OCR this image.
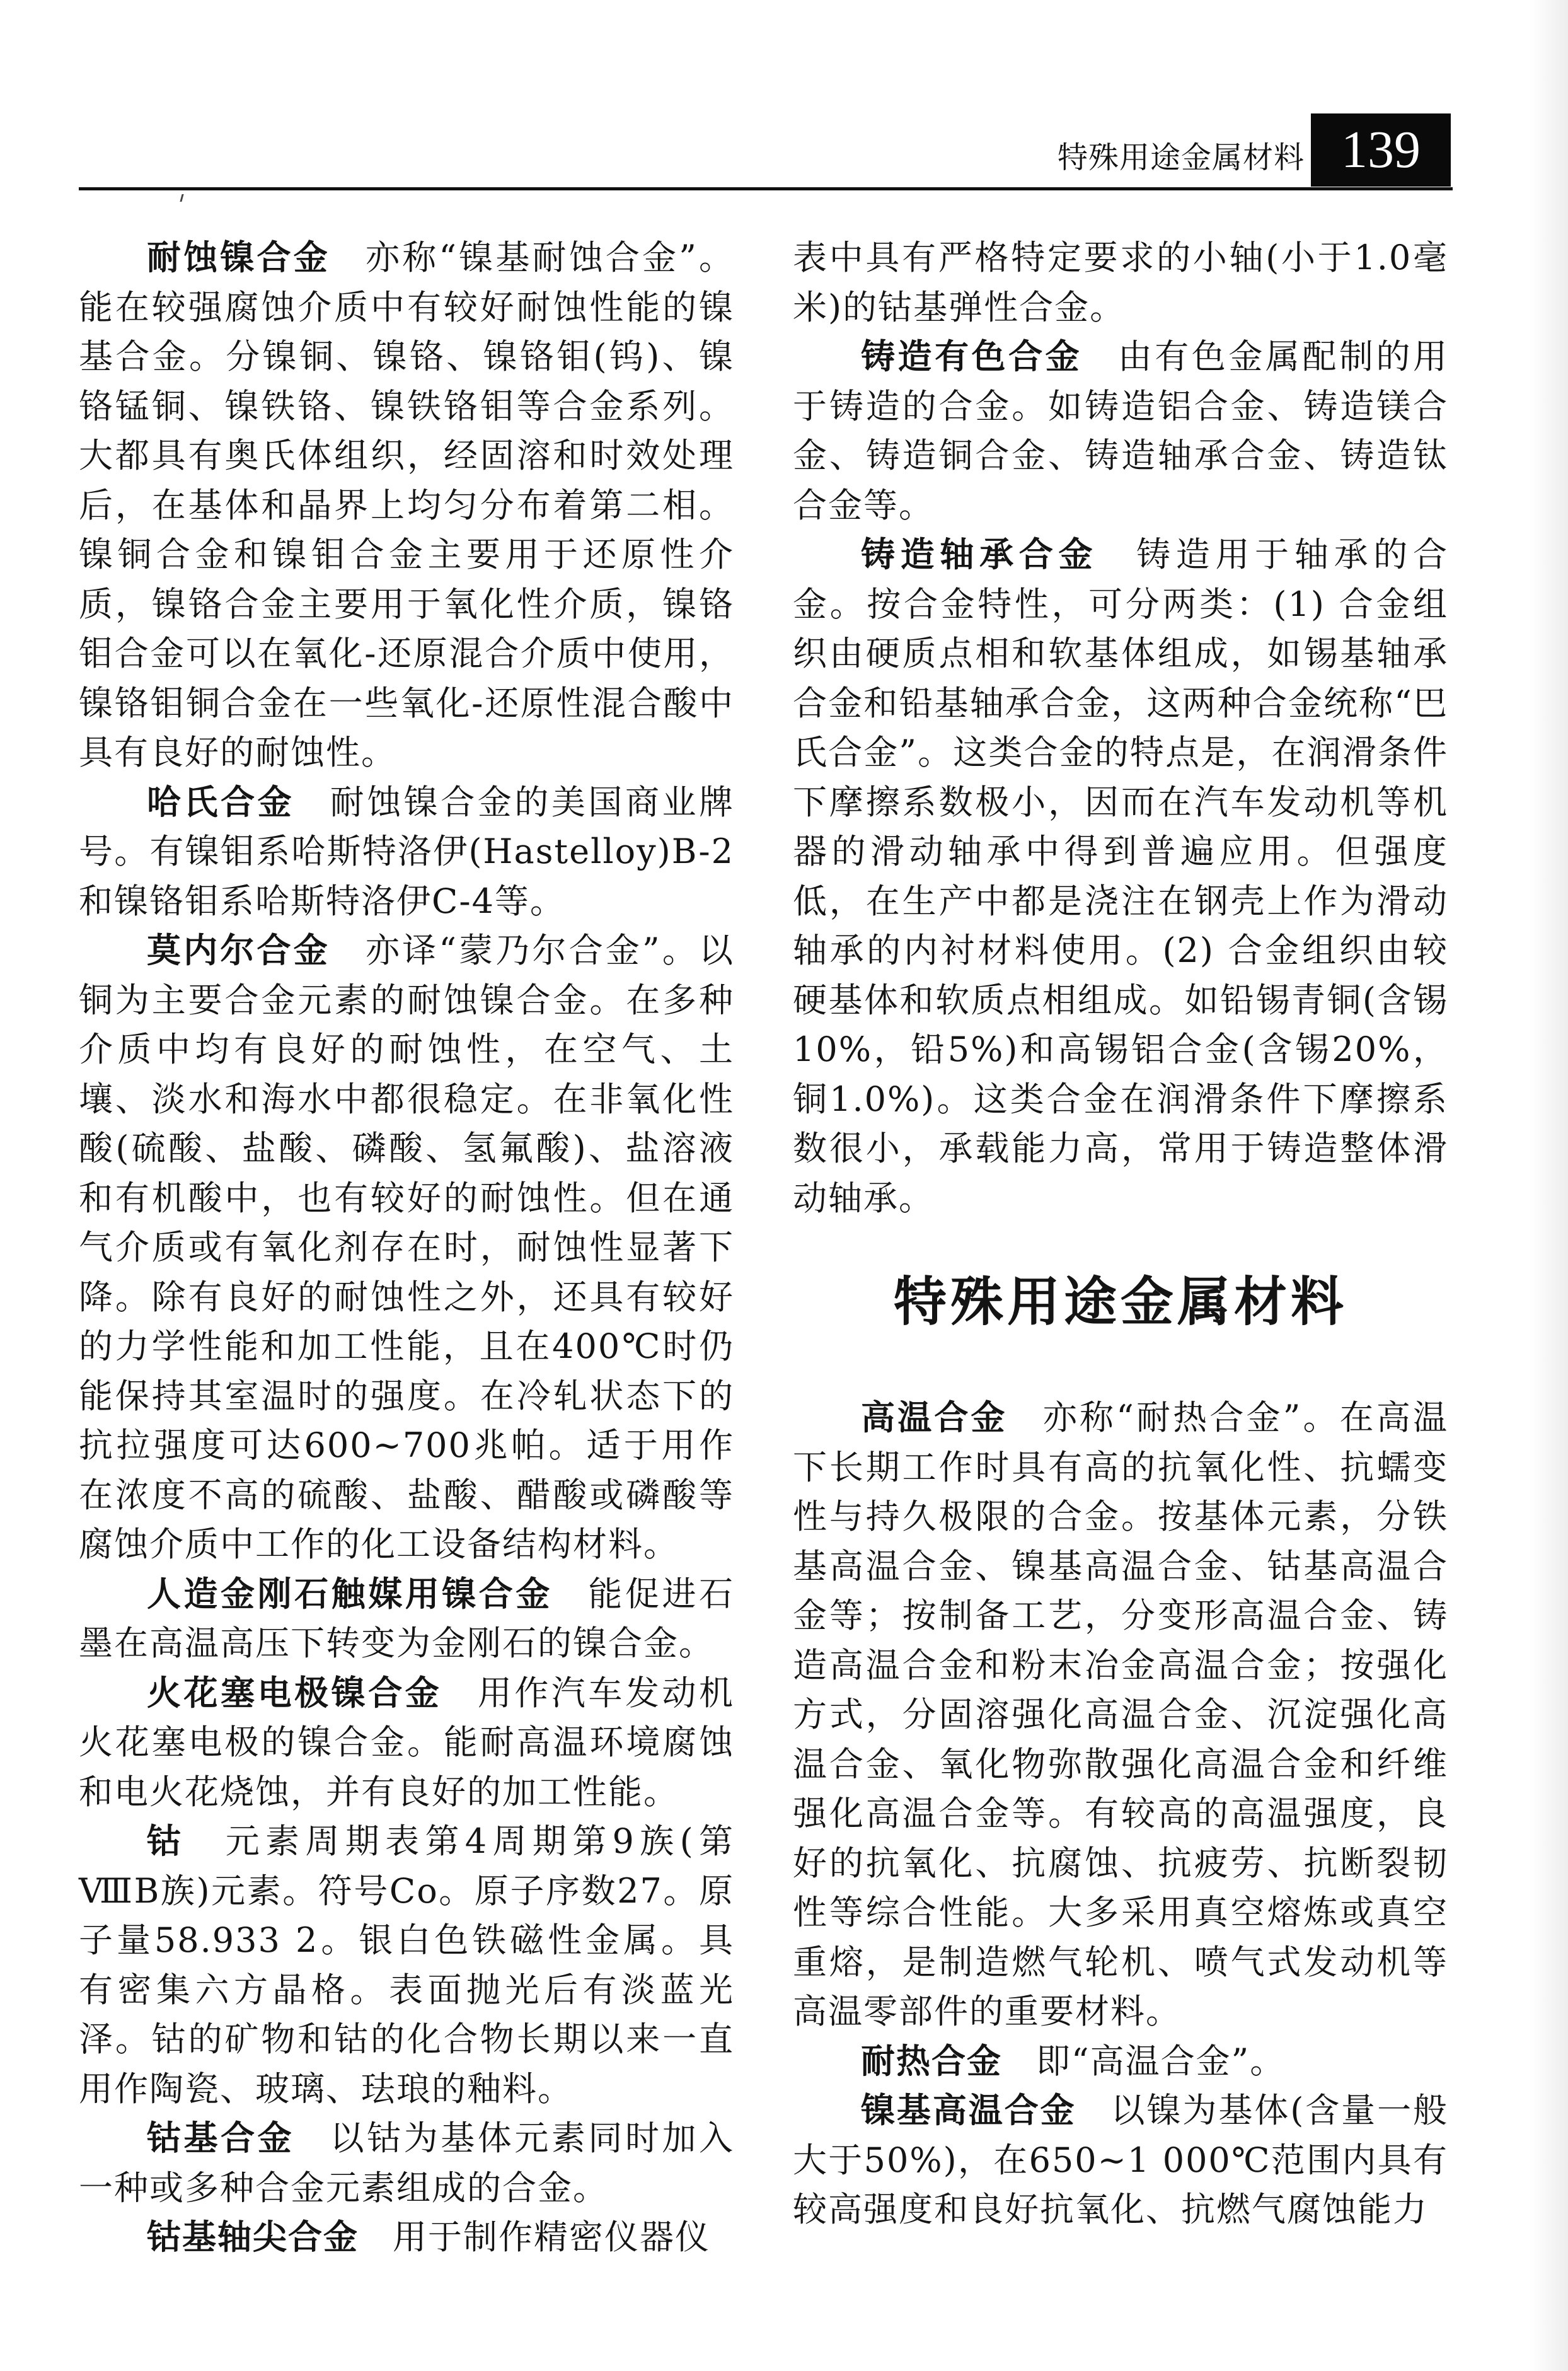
特殊用途金属材料 139

耐蚀镍合金 亦称“镍基耐蚀合金”。能在较强腐蚀介质中有较好耐蚀性能的镍基合金。分镍铜、镍铬、镍铬钼(钨)、镍铬锰铜、镍铁铬、镍铁铬钼等合金系列。大都具有奥氏体组织，经固溶和时效处理后，在基体和晶界上均匀分布着第二相。镍铜合金和镍钼合金主要用于还原性介质，镍铬合金主要用于氧化性介质，镍铬钼合金可以在氧化-还原混合介质中使用，镍铬钼铜合金在一些氧化-还原性混合酸中具有良好的耐蚀性。

哈氏合金 耐蚀镍合金的美国商业牌号。有镍钼系哈斯特洛伊(Hastelloy)B-2和镍铬钼系哈斯特洛伊C-4等。

莫内尔合金 亦译“蒙乃尔合金”。以铜为主要合金元素的耐蚀镍合金。在多种介质中均有良好的耐蚀性，在空气、土壤、淡水和海水中都很稳定。在非氧化性酸(硫酸、盐酸、磷酸、氢氟酸)、盐溶液和有机酸中，也有较好的耐蚀性。但在通气介质或有氧化剂存在时，耐蚀性显著下降。除有良好的耐蚀性之外，还具有较好的力学性能和加工性能，且在400℃时仍能保持其室温时的强度。在冷轧状态下的抗拉强度可达600~700兆帕。适于用作在浓度不高的硫酸、盐酸、醋酸或磷酸等腐蚀介质中工作的化工设备结构材料。

人造金刚石触媒用镍合金 能促进石墨在高温高压下转变为金刚石的镍合金。

火花塞电极镍合金 用作汽车发动机火花塞电极的镍合金。能耐高温环境腐蚀和电火花烧蚀，并有良好的加工性能。

钴 元素周期表第4周期第9族(第ⅧB族)元素。符号Co。原子序数27。原子量58.933 2。银白色铁磁性金属。具有密集六方晶格。表面抛光后有淡蓝光泽。钴的矿物和钴的化合物长期以来一直用作陶瓷、玻璃、珐琅的釉料。

钴基合金 以钴为基体元素同时加入一种或多种合金元素组成的合金。

钴基轴尖合金 用于制作精密仪器仪

表中具有严格特定要求的小轴(小于1.0毫米)的钴基弹性合金。

铸造有色合金 由有色金属配制的用于铸造的合金。如铸造铝合金、铸造镁合金、铸造铜合金、铸造轴承合金、铸造钛合金等。

铸造轴承合金 铸造用于轴承的合金。按合金特性，可分两类：(1) 合金组织由硬质点相和软基体组成，如锡基轴承合金和铅基轴承合金，这两种合金统称“巴氏合金”。这类合金的特点是，在润滑条件下摩擦系数极小，因而在汽车发动机等机器的滑动轴承中得到普遍应用。但强度低，在生产中都是浇注在钢壳上作为滑动轴承的内衬材料使用。(2) 合金组织由较硬基体和软质点相组成。如铅锡青铜(含锡10%，铅5%)和高锡铝合金(含锡20%，铜1.0%)。这类合金在润滑条件下摩擦系数很小，承载能力高，常用于铸造整体滑动轴承。

特殊用途金属材料

高温合金 亦称“耐热合金”。在高温下长期工作时具有高的抗氧化性、抗蠕变性与持久极限的合金。按基体元素，分铁基高温合金、镍基高温合金、钴基高温合金等；按制备工艺，分变形高温合金、铸造高温合金和粉末冶金高温合金；按强化方式，分固溶强化高温合金、沉淀强化高温合金、氧化物弥散强化高温合金和纤维强化高温合金等。有较高的高温强度，良好的抗氧化、抗腐蚀、抗疲劳、抗断裂韧性等综合性能。大多采用真空熔炼或真空重熔，是制造燃气轮机、喷气式发动机等高温零部件的重要材料。

耐热合金 即“高温合金”。

镍基高温合金 以镍为基体(含量一般大于50%)，在650~1 000℃范围内具有较高强度和良好抗氧化、抗燃气腐蚀能力
